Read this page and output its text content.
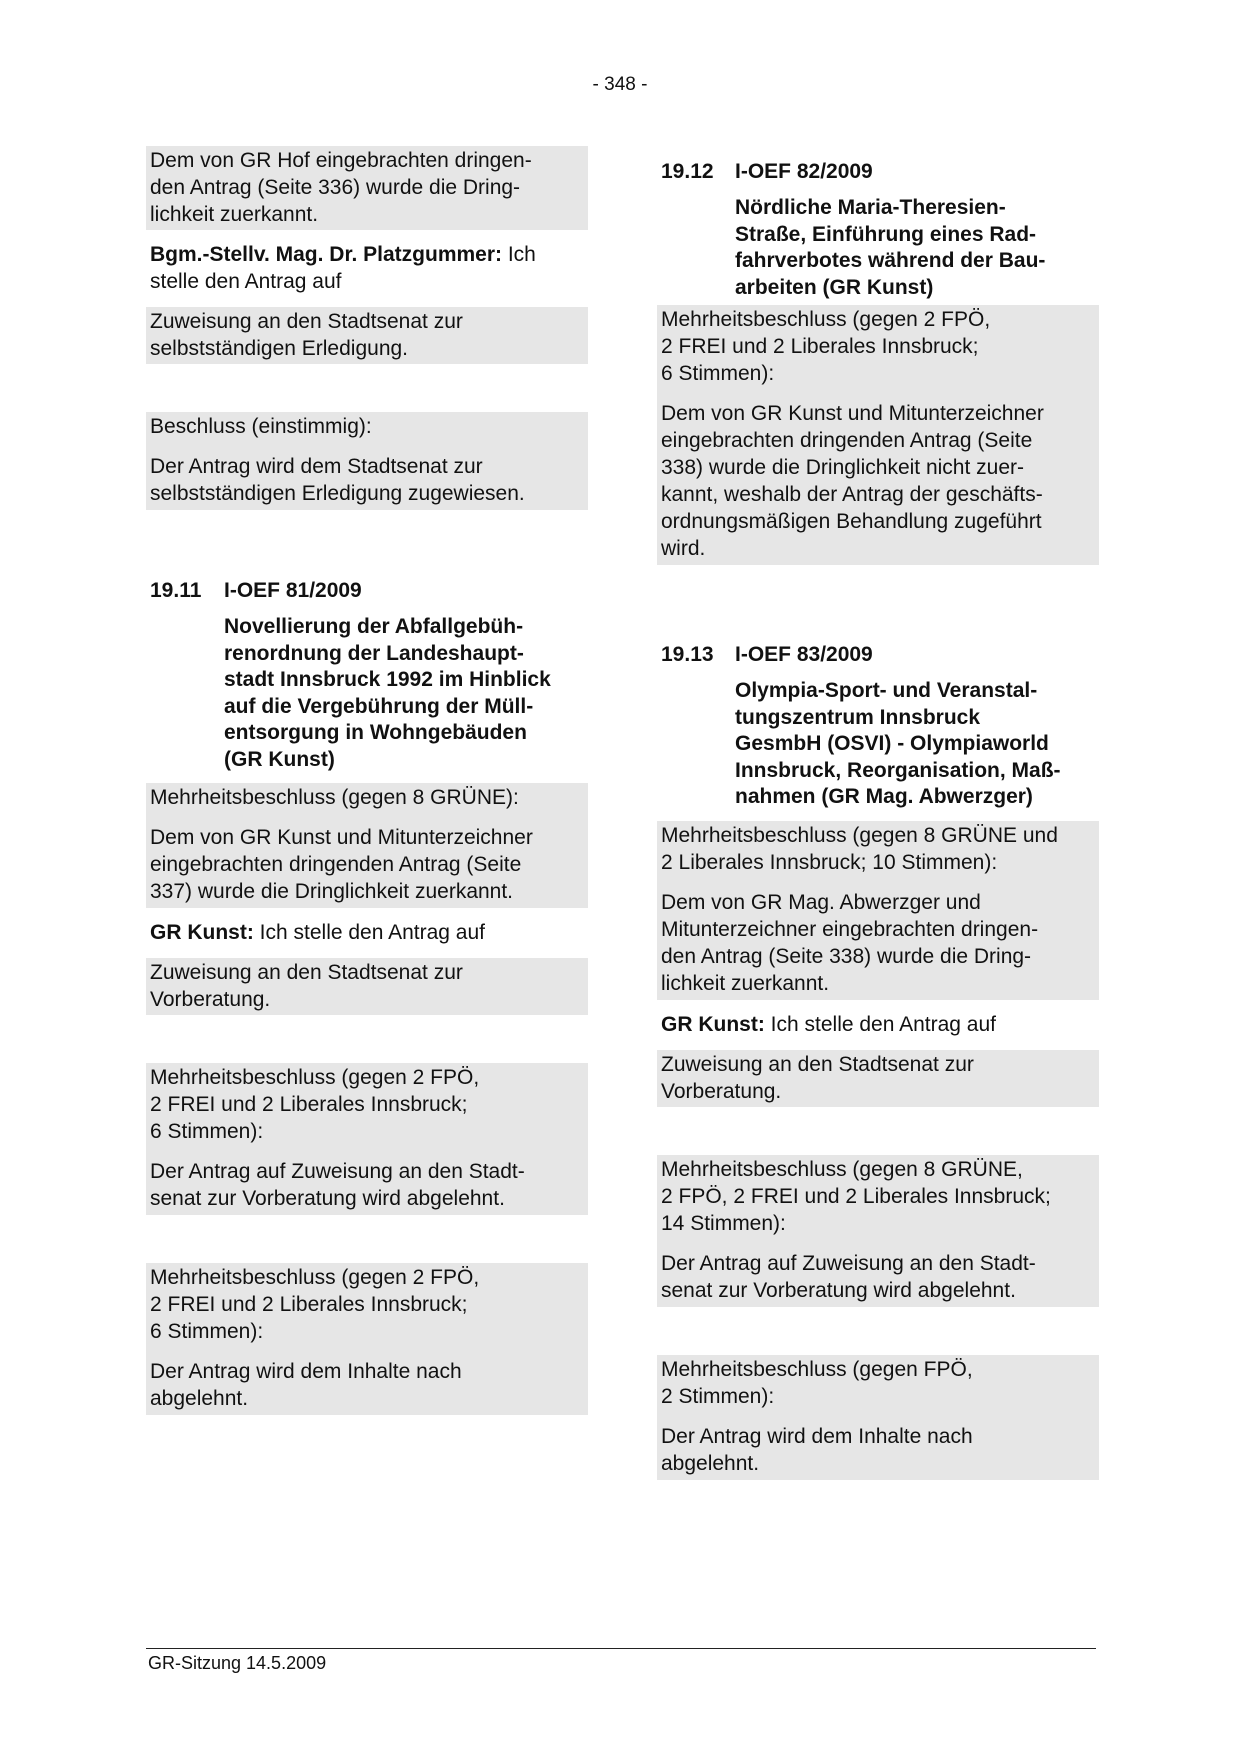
- 348 -
Dem von GR Hof eingebrachten dringen-
den Antrag (Seite 336) wurde die Dring-
lichkeit zuerkannt.
Bgm.-Stellv. Mag. Dr. Platzgummer: Ich
stelle den Antrag auf
Zuweisung an den Stadtsenat zur
selbstständigen Erledigung.
Beschluss (einstimmig):
Der Antrag wird dem Stadtsenat zur
selbstständigen Erledigung zugewiesen.
19.11	I-OEF 81/2009
Novellierung der Abfallgebüh-
renordnung der Landeshaupt-
stadt Innsbruck 1992 im Hinblick
auf die Vergebührung der Müll-
entsorgung in Wohngebäuden
(GR Kunst)
Mehrheitsbeschluss (gegen 8 GRÜNE):
Dem von GR Kunst und Mitunterzeichner
eingebrachten dringenden Antrag (Seite
337) wurde die Dringlichkeit zuerkannt.
GR Kunst: Ich stelle den Antrag auf
Zuweisung an den Stadtsenat zur
Vorberatung.
Mehrheitsbeschluss (gegen 2 FPÖ,
2 FREI und 2 Liberales Innsbruck;
6 Stimmen):
Der Antrag auf Zuweisung an den Stadt-
senat zur Vorberatung wird abgelehnt.
Mehrheitsbeschluss (gegen 2 FPÖ,
2 FREI und 2 Liberales Innsbruck;
6 Stimmen):
Der Antrag wird dem Inhalte nach
abgelehnt.
19.12	I-OEF 82/2009
Nördliche Maria-Theresien-
Straße, Einführung eines Rad-
fahrverbotes während der Bau-
arbeiten (GR Kunst)
Mehrheitsbeschluss (gegen 2 FPÖ,
2 FREI und 2 Liberales Innsbruck;
6 Stimmen):
Dem von GR Kunst und Mitunterzeichner
eingebrachten dringenden Antrag (Seite
338) wurde die Dringlichkeit nicht zuer-
kannt, weshalb der Antrag der geschäfts-
ordnungsmäßigen Behandlung zugeführt
wird.
19.13	I-OEF 83/2009
Olympia-Sport- und Veranstal-
tungszentrum Innsbruck
GesmbH (OSVI) - Olympiaworld
Innsbruck, Reorganisation, Maß-
nahmen (GR Mag. Abwerzger)
Mehrheitsbeschluss (gegen 8 GRÜNE und
2 Liberales Innsbruck; 10 Stimmen):
Dem von GR Mag. Abwerzger und
Mitunterzeichner eingebrachten dringen-
den Antrag (Seite 338) wurde die Dring-
lichkeit zuerkannt.
GR Kunst: Ich stelle den Antrag auf
Zuweisung an den Stadtsenat zur
Vorberatung.
Mehrheitsbeschluss (gegen 8 GRÜNE,
2 FPÖ, 2 FREI und 2 Liberales Innsbruck;
14 Stimmen):
Der Antrag auf Zuweisung an den Stadt-
senat zur Vorberatung wird abgelehnt.
Mehrheitsbeschluss (gegen FPÖ,
2 Stimmen):
Der Antrag wird dem Inhalte nach
abgelehnt.
GR-Sitzung 14.5.2009
